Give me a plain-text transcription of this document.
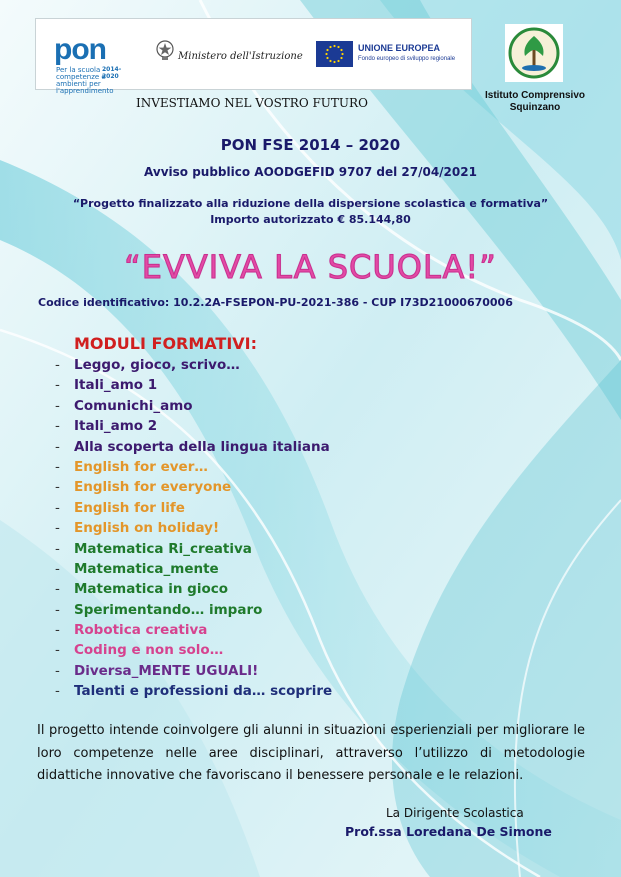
pon
Per la scuola – competenze e ambienti per l'apprendimento
2014-2020
Ministero dell'Istruzione
UNIONE EUROPEA
Fondo europeo di sviluppo regionale
Istituto Comprensivo
Squinzano
INVESTIAMO NEL VOSTRO FUTURO
PON FSE 2014 – 2020
Avviso pubblico AOODGEFID 9707 del 27/04/2021
“Progetto finalizzato alla riduzione della dispersione scolastica e formativa”
Importo autorizzato € 85.144,80
“EVVIVA LA SCUOLA!”
Codice identificativo: 10.2.2A-FSEPON-PU-2021-386 - CUP I73D21000670006
MODULI FORMATIVI:
- Leggo, gioco, scrivo…
- Itali_amo 1
- Comunichi_amo
- Itali_amo 2
- Alla scoperta della lingua italiana
- English for ever…
- English for everyone
- English for life
- English on holiday!
- Matematica Ri_creativa
- Matematica_mente
- Matematica in gioco
- Sperimentando… imparo
- Robotica creativa
- Coding e non solo…
- Diversa_MENTE UGUALI!
- Talenti e professioni da… scoprire
Il progetto intende coinvolgere gli alunni in situazioni esperienziali per migliorare le loro competenze nelle aree disciplinari, attraverso l’utilizzo di metodologie didattiche innovative che favoriscano il benessere personale e le relazioni.
La Dirigente Scolastica
Prof.ssa Loredana De Simone
